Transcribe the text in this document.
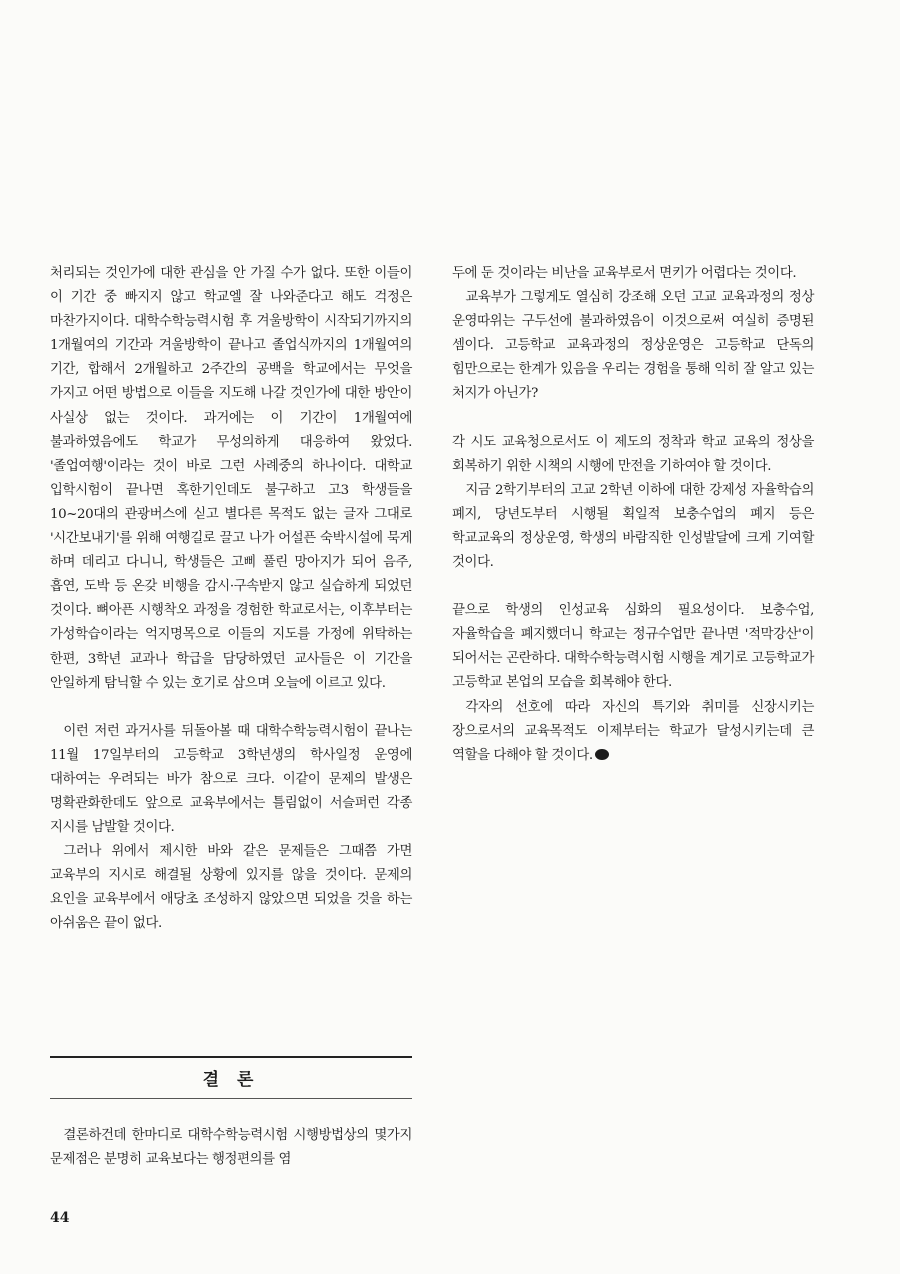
처리되는 것인가에 대한 관심을 안 가질 수가 없다. 또한 이들이 이 기간 중 빠지지 않고 학교엘 잘 나와준다고 해도 걱정은 마찬가지이다. 대학수학능력시험 후 겨울방학이 시작되기까지의 1개월여의 기간과 겨울방학이 끝나고 졸업식까지의 1개월여의 기간, 합해서 2개월하고 2주간의 공백을 학교에서는 무엇을 가지고 어떤 방법으로 이들을 지도해 나갈 것인가에 대한 방안이 사실상 없는 것이다. 과거에는 이 기간이 1개월여에 불과하였음에도 학교가 무성의하게 대응하여 왔었다. '졸업여행'이라는 것이 바로 그런 사례중의 하나이다. 대학교 입학시험이 끝나면 혹한기인데도 불구하고 고3 학생들을 10~20대의 관광버스에 싣고 별다른 목적도 없는 글자 그대로 '시간보내기'를 위해 여행길로 끌고 나가 어설픈 숙박시설에 묵게 하며 데리고 다니니, 학생들은 고삐 풀린 망아지가 되어 음주, 흡연, 도박 등 온갖 비행을 감시·구속받지 않고 실습하게 되었던 것이다. 뼈아픈 시행착오 과정을 경험한 학교로서는, 이후부터는 가성학습이라는 억지명목으로 이들의 지도를 가정에 위탁하는 한편, 3학년 교과나 학급을 담당하였던 교사들은 이 기간을 안일하게 탐닉할 수 있는 호기로 삼으며 오늘에 이르고 있다.

이런 저런 과거사를 뒤돌아볼 때 대학수학능력시험이 끝나는 11월 17일부터의 고등학교 3학년생의 학사일정 운영에 대하여는 우려되는 바가 참으로 크다. 이같이 문제의 발생은 명확관화한데도 앞으로 교육부에서는 틀림없이 서슬퍼런 각종 지시를 남발할 것이다.

그러나 위에서 제시한 바와 같은 문제들은 그때쯤 가면 교육부의 지시로 해결될 상황에 있지를 않을 것이다. 문제의 요인을 교육부에서 애당초 조성하지 않았으면 되었을 것을 하는 아쉬움은 끝이 없다.

결 론

결론하건데 한마디로 대학수학능력시험 시행방법상의 몇가지 문제점은 분명히 교육보다는 행정편의를 염

두에 둔 것이라는 비난을 교육부로서 면키가 어렵다는 것이다.

교육부가 그렇게도 열심히 강조해 오던 고교 교육과정의 정상 운영따위는 구두선에 불과하였음이 이것으로써 여실히 증명된 셈이다. 고등학교 교육과정의 정상운영은 고등학교 단독의 힘만으로는 한계가 있음을 우리는 경험을 통해 익히 잘 알고 있는 처지가 아닌가?

각 시도 교육청으로서도 이 제도의 정착과 학교 교육의 정상을 회복하기 위한 시책의 시행에 만전을 기하여야 할 것이다.

지금 2학기부터의 고교 2학년 이하에 대한 강제성 자율학습의 폐지, 당년도부터 시행될 획일적 보충수업의 폐지 등은 학교교육의 정상운영, 학생의 바람직한 인성발달에 크게 기여할 것이다.

끝으로 학생의 인성교육 심화의 필요성이다. 보충수업, 자율학습을 폐지했더니 학교는 정규수업만 끝나면 '적막강산'이 되어서는 곤란하다. 대학수학능력시험 시행을 계기로 고등학교가 고등학교 본업의 모습을 회복해야 한다.

각자의 선호에 따라 자신의 특기와 취미를 신장시키는 장으로서의 교육목적도 이제부터는 학교가 달성시키는데 큰 역할을 다해야 할 것이다.

44
